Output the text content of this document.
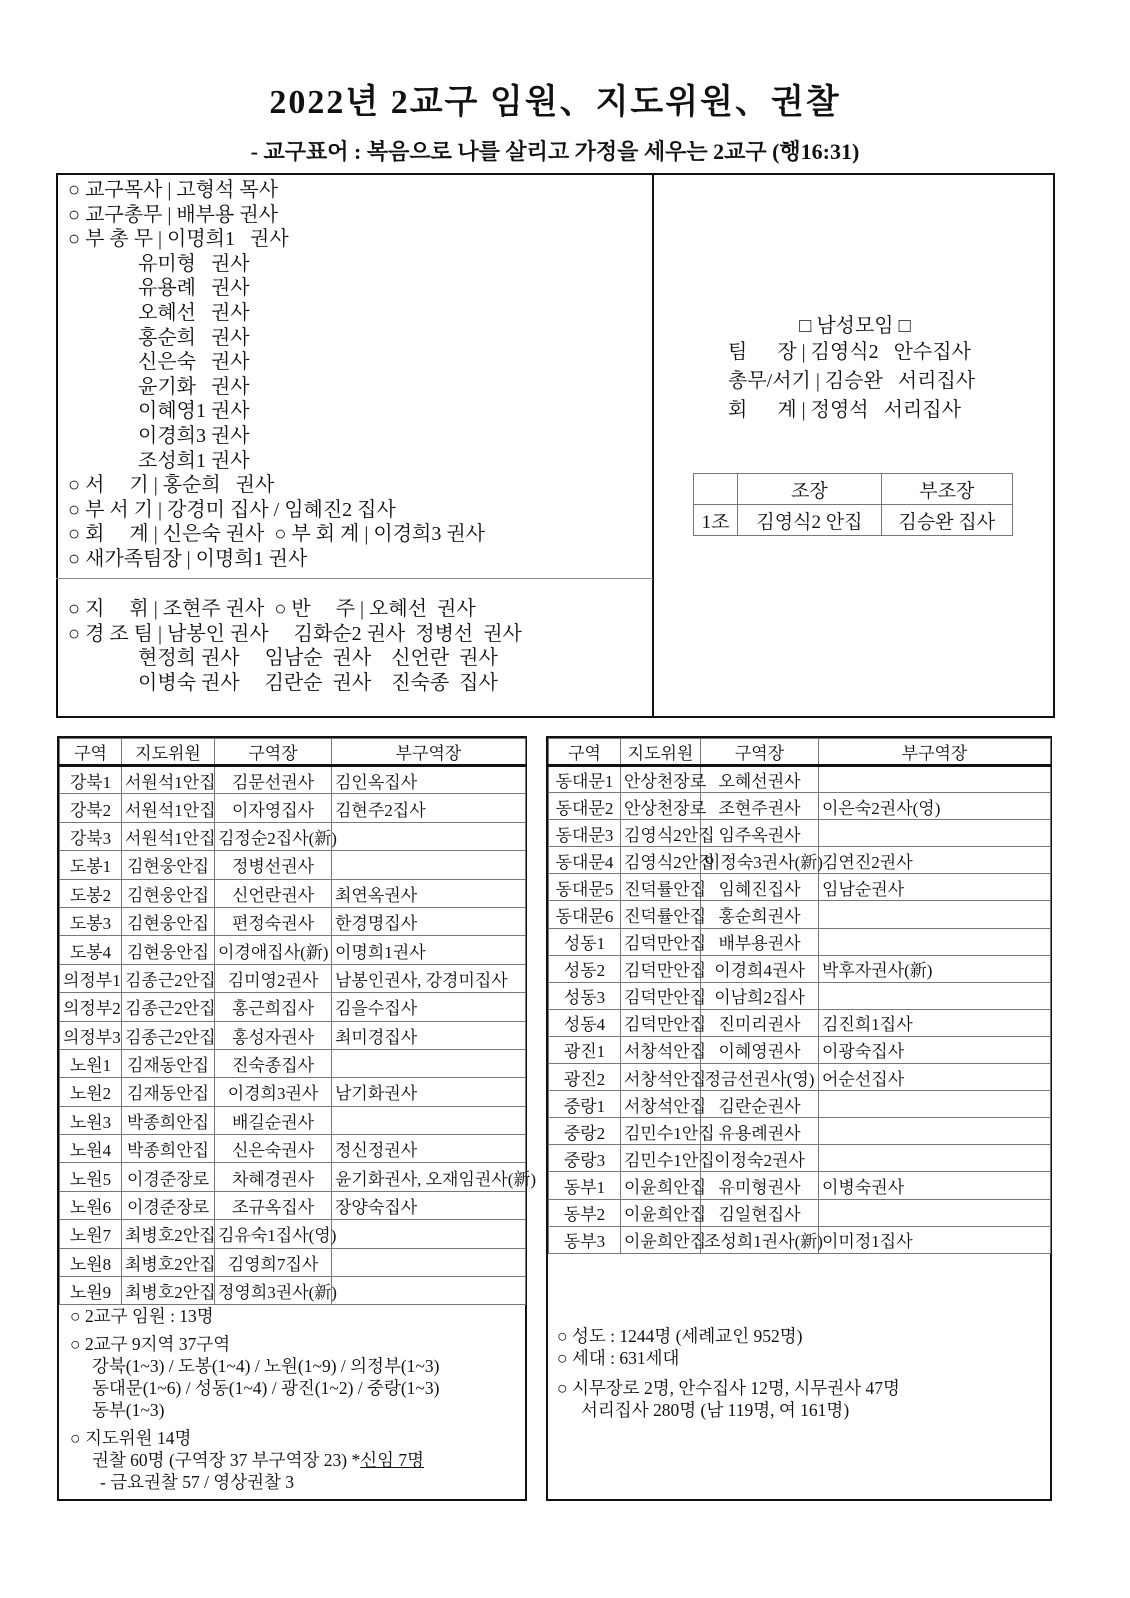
2022년 2교구 임원、지도위원、권찰
- 교구표어 : 복음으로 나를 살리고 가정을 세우는 2교구 (행16:31)
○ 교구목사 | 고형석 목사
○ 교구총무 | 배부용 권사
○ 부 총 무 | 이명희1   권사
유미형   권사
유용례   권사
오혜선   권사
홍순희   권사
신은숙   권사
윤기화   권사
이혜영1 권사
이경희3 권사
조성희1 권사
○ 서     기 | 홍순희   권사
○ 부 서 기 | 강경미 집사 / 임혜진2 집사
○ 회     계 | 신은숙 권사  ○ 부 회 계 | 이경희3 권사
○ 새가족팀장 | 이명희1 권사
○ 지     휘 | 조현주 권사  ○ 반     주 | 오혜선  권사
○ 경 조 팀 | 남봉인 권사     김화순2 권사  정병선  권사
현정희 권사     임남순  권사    신언란  권사
이병숙 권사     김란순  권사    진숙종  집사
□ 남성모임 □
팀      장 | 김영식2   안수집사
총무/서기 | 김승완   서리집사
회      계 | 정영석   서리집사
	조장	부조장
1조	김영식2 안집	김승완 집사
구역	지도위원	구역장	부구역장
강북1	서원석1안집	김문선권사	김인옥집사
강북2	서원석1안집	이자영집사	김현주2집사
강북3	서원석1안집	김정순2집사(新)	
도봉1	김현웅안집	정병선권사	
도봉2	김현웅안집	신언란권사	최연옥권사
도봉3	김현웅안집	편정숙권사	한경명집사
도봉4	김현웅안집	이경애집사(新)	이명희1권사
의정부1	김종근2안집	김미영2권사	남봉인권사, 강경미집사
의정부2	김종근2안집	홍근희집사	김을수집사
의정부3	김종근2안집	홍성자권사	최미경집사
노원1	김재동안집	진숙종집사	
노원2	김재동안집	이경희3권사	남기화권사
노원3	박종희안집	배길순권사	
노원4	박종희안집	신은숙권사	정신정권사
노원5	이경준장로	차혜경권사	윤기화권사, 오재임권사(新)
노원6	이경준장로	조규옥집사	장양숙집사
노원7	최병호2안집	김유숙1집사(영)	
노원8	최병호2안집	김영희7집사	
노원9	최병호2안집	정영희3권사(新)	
○ 2교구 임원 : 13명
○ 2교구 9지역 37구역
강북(1~3) / 도봉(1~4) / 노원(1~9) / 의정부(1~3)
동대문(1~6) / 성동(1~4) / 광진(1~2) / 중랑(1~3)
동부(1~3)
○ 지도위원 14명
권찰 60명 (구역장 37 부구역장 23) *신임 7명
- 금요권찰 57 / 영상권찰 3
구역	지도위원	구역장	부구역장
동대문1	안상천장로	오혜선권사	
동대문2	안상천장로	조현주권사	이은숙2권사(영)
동대문3	김영식2안집	임주옥권사	
동대문4	김영식2안집	이정숙3권사(新)	김연진2권사
동대문5	진덕률안집	임혜진집사	임남순권사
동대문6	진덕률안집	홍순희권사	
성동1	김덕만안집	배부용권사	
성동2	김덕만안집	이경희4권사	박후자권사(新)
성동3	김덕만안집	이남희2집사	
성동4	김덕만안집	진미리권사	김진희1집사
광진1	서창석안집	이혜영권사	이광숙집사
광진2	서창석안집	정금선권사(영)	어순선집사
중랑1	서창석안집	김란순권사	
중랑2	김민수1안집	유용례권사	
중랑3	김민수1안집	이정숙2권사	
동부1	이윤희안집	유미형권사	이병숙권사
동부2	이윤희안집	김일현집사	
동부3	이윤희안집	조성희1권사(新)	이미정1집사
○ 성도 : 1244명 (세례교인 952명)
○ 세대 : 631세대
○ 시무장로 2명, 안수집사 12명, 시무권사 47명
서리집사 280명 (남 119명, 여 161명)
